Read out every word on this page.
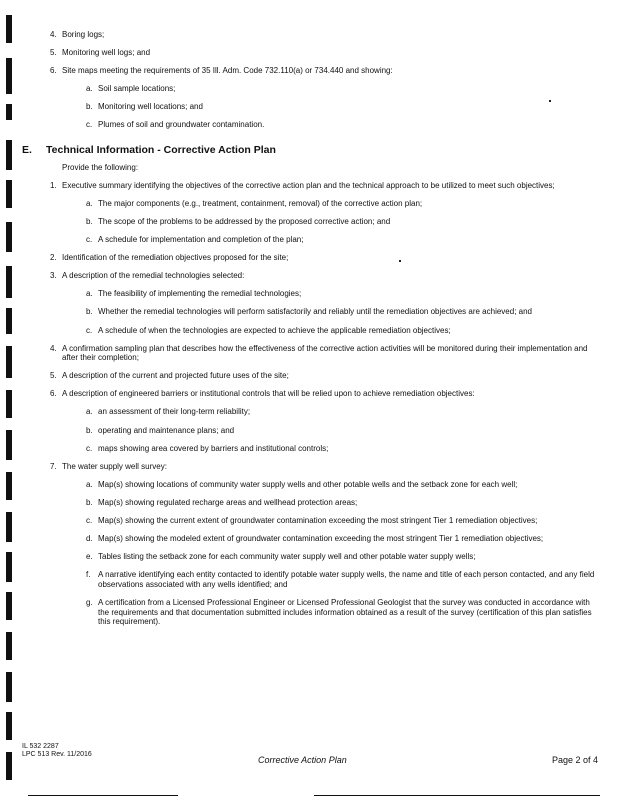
4. Boring logs;
5. Monitoring well logs; and
6. Site maps meeting the requirements of 35 Ill. Adm. Code 732.110(a) or 734.440 and showing:
a. Soil sample locations;
b. Monitoring well locations; and
c. Plumes of soil and groundwater contamination.
E. Technical Information - Corrective Action Plan
Provide the following:
1. Executive summary identifying the objectives of the corrective action plan and the technical approach to be utilized to meet such objectives;
a. The major components (e.g., treatment, containment, removal) of the corrective action plan;
b. The scope of the problems to be addressed by the proposed corrective action; and
c. A schedule for implementation and completion of the plan;
2. Identification of the remediation objectives proposed for the site;
3. A description of the remedial technologies selected:
a. The feasibility of implementing the remedial technologies;
b. Whether the remedial technologies will perform satisfactorily and reliably until the remediation objectives are achieved; and
c. A schedule of when the technologies are expected to achieve the applicable remediation objectives;
4. A confirmation sampling plan that describes how the effectiveness of the corrective action activities will be monitored during their implementation and after their completion;
5. A description of the current and projected future uses of the site;
6. A description of engineered barriers or institutional controls that will be relied upon to achieve remediation objectives:
a. an assessment of their long-term reliability;
b. operating and maintenance plans; and
c. maps showing area covered by barriers and institutional controls;
7. The water supply well survey:
a. Map(s) showing locations of community water supply wells and other potable wells and the setback zone for each well;
b. Map(s) showing regulated recharge areas and wellhead protection areas;
c. Map(s) showing the current extent of groundwater contamination exceeding the most stringent Tier 1 remediation objectives;
d. Map(s) showing the modeled extent of groundwater contamination exceeding the most stringent Tier 1 remediation objectives;
e. Tables listing the setback zone for each community water supply well and other potable water supply wells;
f. A narrative identifying each entity contacted to identify potable water supply wells, the name and title of each person contacted, and any field observations associated with any wells identified; and
g. A certification from a Licensed Professional Engineer or Licensed Professional Geologist that the survey was conducted in accordance with the requirements and that documentation submitted includes information obtained as a result of the survey (certification of this plan satisfies this requirement).
IL 532 2287
LPC 513 Rev. 11/2016
Corrective Action Plan	Page 2 of 4
